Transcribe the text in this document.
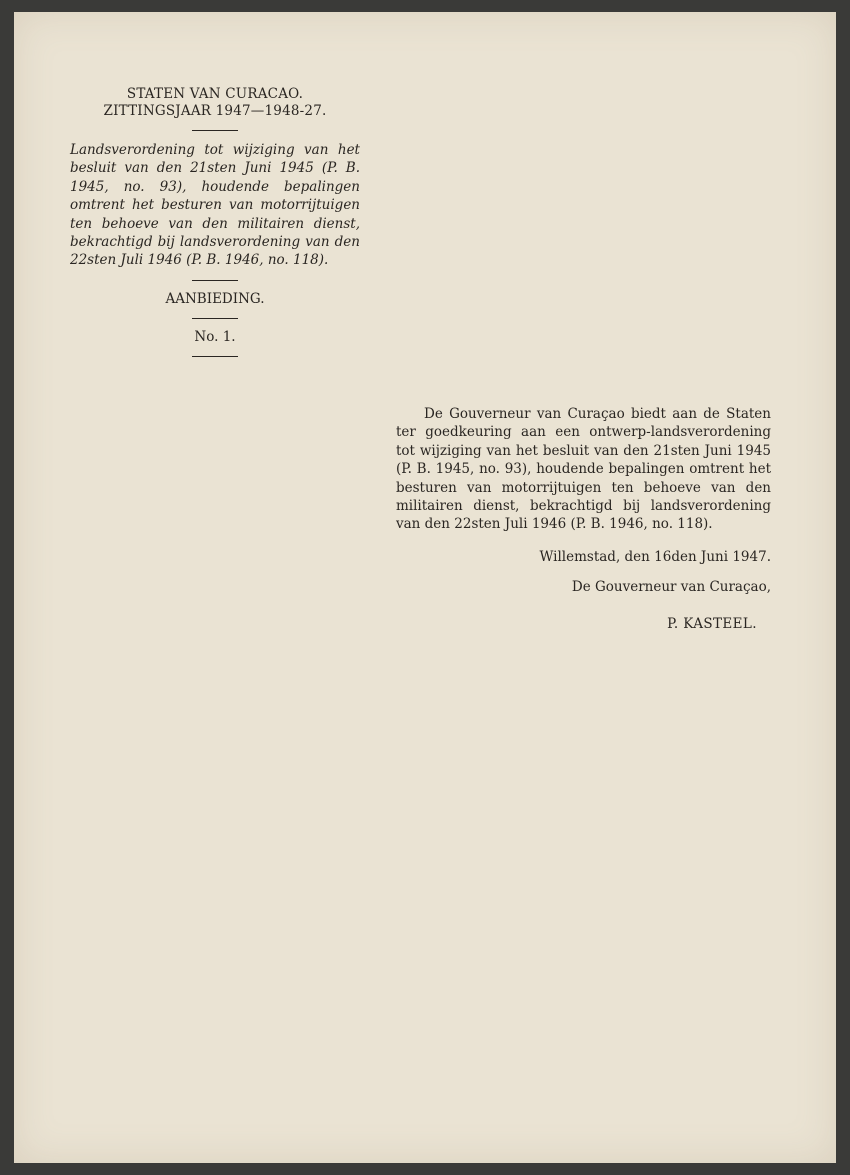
STATEN VAN CURACAO.
ZITTINGSJAAR 1947—1948-27.

Landsverordening tot wijziging van het besluit van den 21sten Juni 1945 (P. B. 1945, no. 93), houdende bepalingen omtrent het besturen van motorrijtuigen ten behoeve van den militairen dienst, bekrachtigd bij landsverordening van den 22sten Juli 1946 (P. B. 1946, no. 118).

AANBIEDING.

No. 1.

De Gouverneur van Curaçao biedt aan de Staten ter goedkeuring aan een ontwerp-landsverordening tot wijziging van het besluit van den 21sten Juni 1945 (P. B. 1945, no. 93), houdende bepalingen omtrent het besturen van motorrijtuigen ten behoeve van den militairen dienst, bekrachtigd bij landsverordening van den 22sten Juli 1946 (P. B. 1946, no. 118).

Willemstad, den 16den Juni 1947.

De Gouverneur van Curaçao,

P. KASTEEL.
